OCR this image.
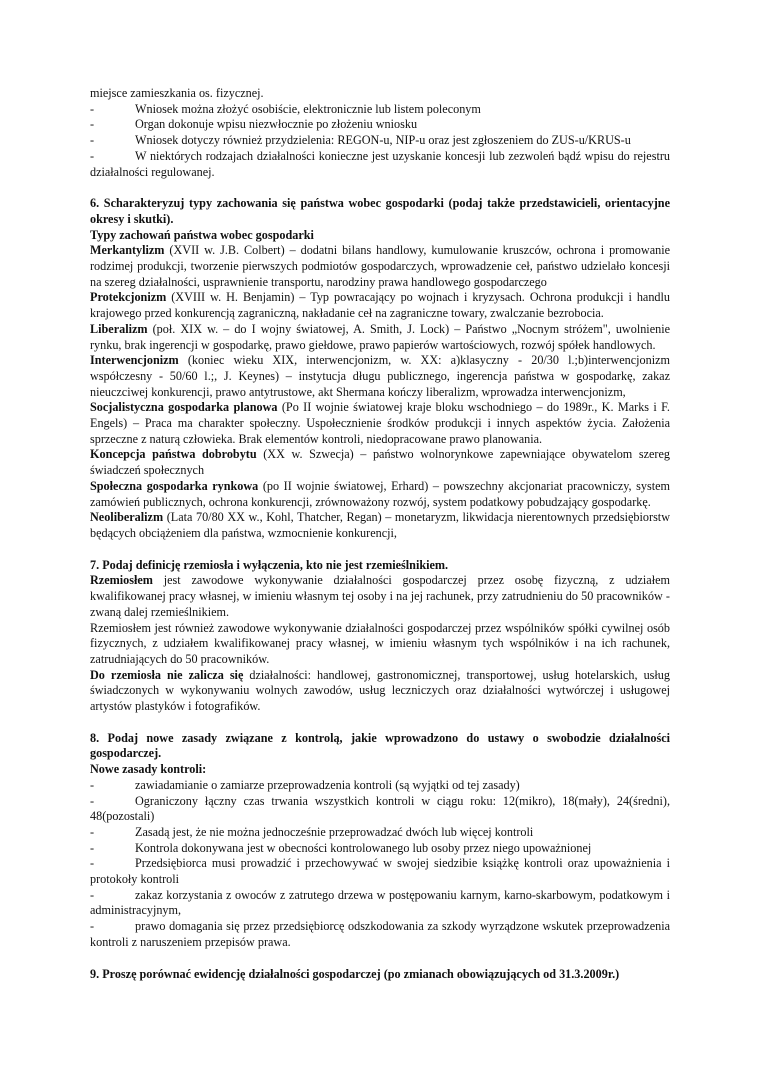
miejsce zamieszkania os. fizycznej.

-	Wniosek można złożyć osobiście, elektronicznie lub listem poleconym
-	Organ dokonuje wpisu niezwłocznie po złożeniu wniosku
-	Wniosek dotyczy również przydzielenia: REGON-u, NIP-u oraz jest zgłoszeniem do ZUS-u/KRUS-u

-	W niektórych rodzajach działalności konieczne jest uzyskanie koncesji lub zezwoleń bądź wpisu do rejestru działalności regulowanej.

6. Scharakteryzuj typy zachowania się państwa wobec gospodarki (podaj także przedstawicieli, orientacyjne okresy i skutki).
Typy zachowań państwa wobec gospodarki

Merkantylizm (XVII w. J.B. Colbert) – dodatni bilans handlowy, kumulowanie kruszców, ochrona i promowanie rodzimej produkcji, tworzenie pierwszych podmiotów gospodarczych, wprowadzenie ceł, państwo udzielało koncesji na szereg działalności, usprawnienie transportu, narodziny prawa handlowego gospodarczego

Protekcjonizm (XVIII w. H. Benjamin) – Typ powracający po wojnach i kryzysach. Ochrona produkcji i handlu krajowego przed konkurencją zagraniczną, nakładanie ceł na zagraniczne towary, zwalczanie bezrobocia.

Liberalizm (poł. XIX w. – do I wojny światowej, A. Smith, J. Lock) – Państwo „Nocnym stróżem", uwolnienie rynku, brak ingerencji w gospodarkę, prawo giełdowe, prawo papierów wartościowych, rozwój spółek handlowych.

Interwencjonizm (koniec wieku XIX, interwencjonizm, w. XX: a)klasyczny - 20/30 l.;b)interwencjonizm współczesny - 50/60 l.;, J. Keynes) – instytucja długu publicznego, ingerencja państwa w gospodarkę, zakaz nieuczciwej konkurencji, prawo antytrustowe, akt Shermana kończy liberalizm, wprowadza interwencjonizm,

Socjalistyczna gospodarka planowa (Po II wojnie światowej kraje bloku wschodniego – do 1989r., K. Marks i F. Engels) – Praca ma charakter społeczny. Uspołecznienie środków produkcji i innych aspektów życia. Założenia sprzeczne z naturą człowieka. Brak elementów kontroli, niedopracowane prawo planowania.

Koncepcja państwa dobrobytu (XX w. Szwecja) – państwo wolnorynkowe zapewniające obywatelom szereg świadczeń społecznych

Społeczna gospodarka rynkowa (po II wojnie światowej, Erhard) – powszechny akcjonariat pracowniczy, system zamówień publicznych, ochrona konkurencji, zrównoważony rozwój, system podatkowy pobudzający gospodarkę.

Neoliberalizm (Lata 70/80 XX w., Kohl, Thatcher, Regan) – monetaryzm, likwidacja nierentownych przedsiębiorstw będących obciążeniem dla państwa, wzmocnienie konkurencji,

7. Podaj definicję rzemiosła i wyłączenia, kto nie jest rzemieślnikiem.

Rzemiosłem jest zawodowe wykonywanie działalności gospodarczej przez osobę fizyczną, z udziałem kwalifikowanej pracy własnej, w imieniu własnym tej osoby i na jej rachunek, przy zatrudnieniu do 50 pracowników - zwaną dalej rzemieślnikiem.

Rzemiosłem jest również zawodowe wykonywanie działalności gospodarczej przez wspólników spółki cywilnej osób fizycznych, z udziałem kwalifikowanej pracy własnej, w imieniu własnym tych wspólników i na ich rachunek, zatrudniających do 50 pracowników.

Do rzemiosła nie zalicza się działalności: handlowej, gastronomicznej, transportowej, usług hotelarskich, usług świadczonych w wykonywaniu wolnych zawodów, usług leczniczych oraz działalności wytwórczej i usługowej artystów plastyków i fotografików.

8. Podaj nowe zasady związane z kontrolą, jakie wprowadzono do ustawy o swobodzie działalności gospodarczej.
Nowe zasady kontroli:
-	zawiadamianie o zamiarze przeprowadzenia kontroli (są wyjątki od tej zasady)

-	Ograniczony łączny czas trwania wszystkich kontroli w ciągu roku: 12(mikro), 18(mały), 24(średni), 48(pozostali)

-	Zasadą jest, że nie można jednocześnie przeprowadzać dwóch lub więcej kontroli
-	Kontrola dokonywana jest w obecności kontrolowanego lub osoby przez niego upoważnionej

-	Przedsiębiorca musi prowadzić i przechowywać w swojej siedzibie książkę kontroli oraz upoważnienia i protokoły kontroli

-	zakaz korzystania z owoców z zatrutego drzewa w postępowaniu karnym, karno-skarbowym, podatkowym i administracyjnym,

-	prawo domagania się przez przedsiębiorcę odszkodowania za szkody wyrządzone wskutek przeprowadzenia kontroli z naruszeniem przepisów prawa.

9. Proszę porównać ewidencję działalności gospodarczej (po zmianach obowiązujących od 31.3.2009r.)
